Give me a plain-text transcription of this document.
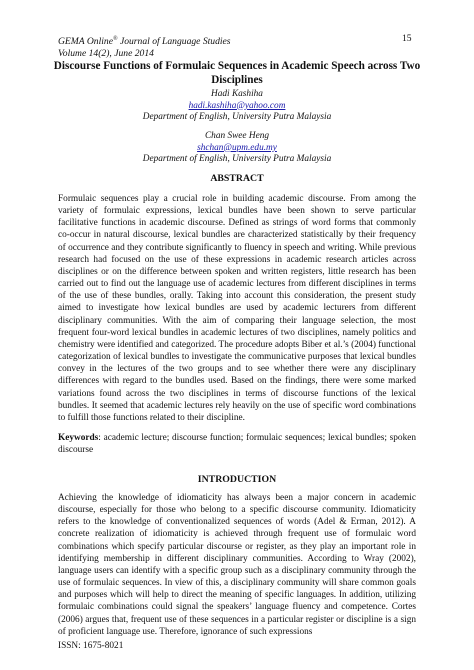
GEMA Online® Journal of Language Studies
Volume 14(2), June 2014
15
Discourse Functions of Formulaic Sequences in Academic Speech across Two Disciplines
Hadi Kashiha
hadi.kashiha@yahoo.com
Department of English, University Putra Malaysia
Chan Swee Heng
shchan@upm.edu.my
Department of English, University Putra Malaysia
ABSTRACT

Formulaic sequences play a crucial role in building academic discourse. From among the variety of formulaic expressions, lexical bundles have been shown to serve particular facilitative functions in academic discourse. Defined as strings of word forms that commonly co-occur in natural discourse, lexical bundles are characterized statistically by their frequency of occurrence and they contribute significantly to fluency in speech and writing. While previous research had focused on the use of these expressions in academic research articles across disciplines or on the difference between spoken and written registers, little research has been carried out to find out the language use of academic lectures from different disciplines in terms of the use of these bundles, orally. Taking into account this consideration, the present study aimed to investigate how lexical bundles are used by academic lecturers from different disciplinary communities. With the aim of comparing their language selection, the most frequent four-word lexical bundles in academic lectures of two disciplines, namely politics and chemistry were identified and categorized. The procedure adopts Biber et al.’s (2004) functional categorization of lexical bundles to investigate the communicative purposes that lexical bundles convey in the lectures of the two groups and to see whether there were any disciplinary differences with regard to the bundles used. Based on the findings, there were some marked variations found across the two disciplines in terms of discourse functions of the lexical bundles. It seemed that academic lectures rely heavily on the use of specific word combinations to fulfill those functions related to their discipline.

Keywords: academic lecture; discourse function; formulaic sequences; lexical bundles; spoken discourse

INTRODUCTION

Achieving the knowledge of idiomaticity has always been a major concern in academic discourse, especially for those who belong to a specific discourse community. Idiomaticity refers to the knowledge of conventionalized sequences of words (Adel & Erman, 2012). A concrete realization of idiomaticity is achieved through frequent use of formulaic word combinations which specify particular discourse or register, as they play an important role in identifying membership in different disciplinary communities. According to Wray (2002), language users can identify with a specific group such as a disciplinary community through the use of formulaic sequences. In view of this, a disciplinary community will share common goals and purposes which will help to direct the meaning of specific languages. In addition, utilizing formulaic combinations could signal the speakers’ language fluency and competence. Cortes (2006) argues that, frequent use of these sequences in a particular register or discipline is a sign of proficient language use. Therefore, ignorance of such expressions

ISSN: 1675-8021
